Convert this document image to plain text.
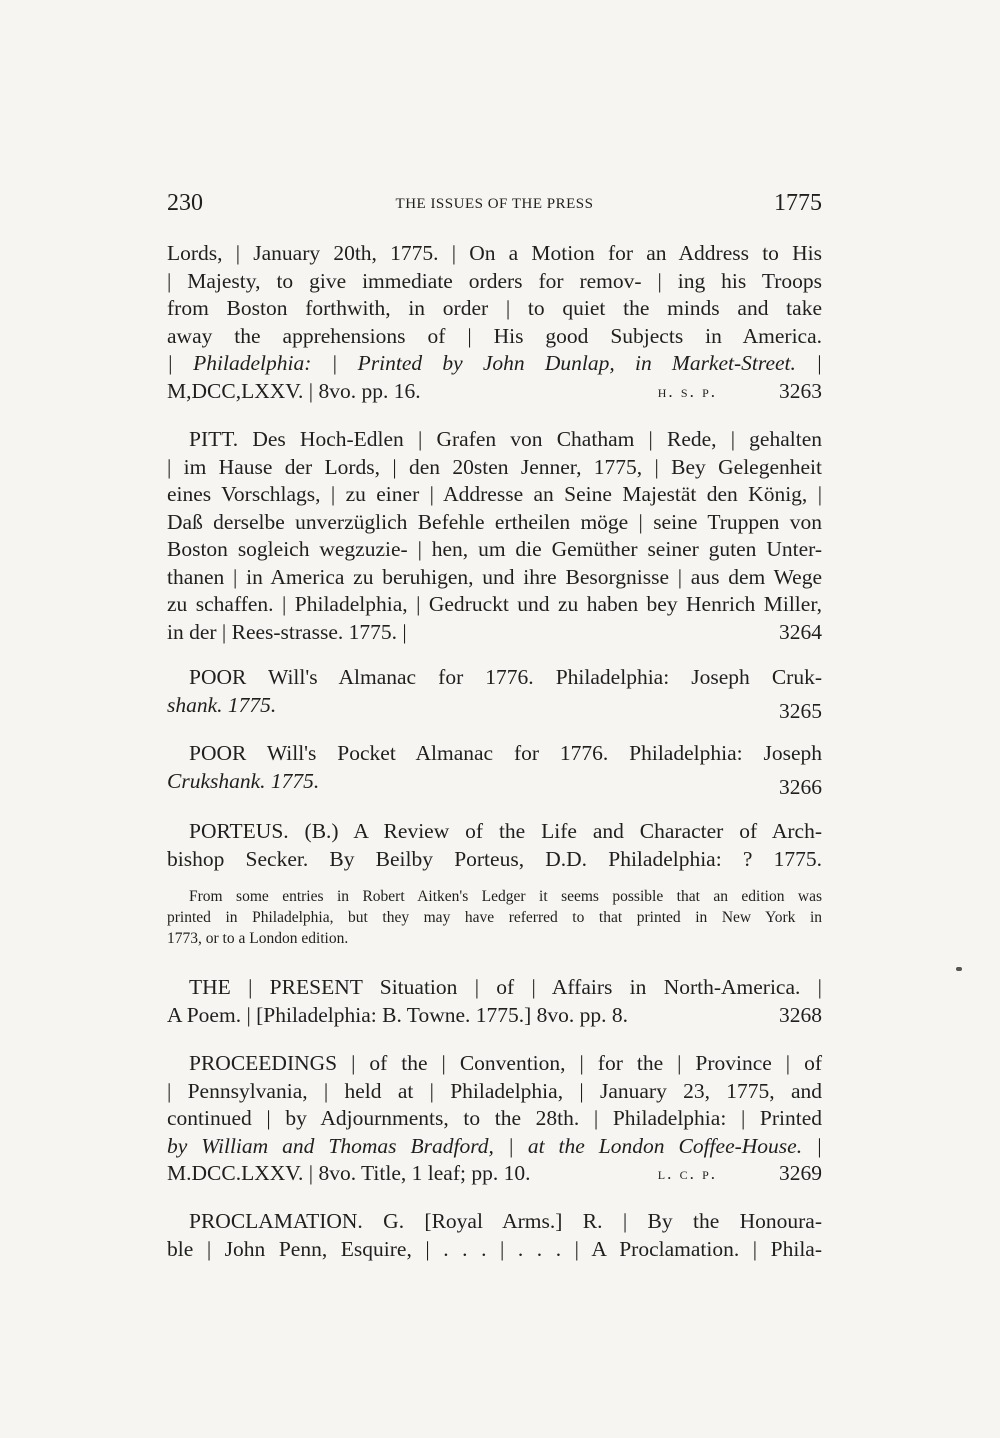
230	THE ISSUES OF THE PRESS	1775
Lords, | January 20th, 1775. | On a Motion for an Address to His
| Majesty, to give immediate orders for remov- | ing his Troops
from Boston forthwith, in order | to quiet the minds and take
away the apprehensions of | His good Subjects in America.
| Philadelphia: | Printed by John Dunlap, in Market-Street. |
M,DCC,LXXV. | 8vo. pp. 16.	h. s. p.	3263
PITT. Des Hoch-Edlen | Grafen von Chatham | Rede, | gehalten
| im Hause der Lords, | den 20sten Jenner, 1775, | Bey Gelegenheit
eines Vorschlags, | zu einer | Addresse an Seine Majestät den König, |
Daß derselbe unverzüglich Befehle ertheilen möge | seine Truppen von
Boston sogleich wegzuzie- | hen, um die Gemüther seiner guten Unter-
thanen | in America zu beruhigen, und ihre Besorgnisse | aus dem Wege
zu schaffen. | Philadelphia, | Gedruckt und zu haben bey Henrich Miller,
in der | Rees-strasse. 1775. |	3264
POOR Will's Almanac for 1776. Philadelphia: Joseph Cruk-
shank. 1775.	3265
POOR Will's Pocket Almanac for 1776. Philadelphia: Joseph
Crukshank. 1775.	3266
PORTEUS. (B.) A Review of the Life and Character of Arch-
bishop Secker. By Beilby Porteus, D.D. Philadelphia: ? 1775.
From some entries in Robert Aitken's Ledger it seems possible that an edition was
printed in Philadelphia, but they may have referred to that printed in New York in
1773, or to a London edition.
THE | PRESENT Situation | of | Affairs in North-America. |
A Poem. | [Philadelphia: B. Towne. 1775.] 8vo. pp. 8.	3268
PROCEEDINGS | of the | Convention, | for the | Province | of
| Pennsylvania, | held at | Philadelphia, | January 23, 1775, and
continued | by Adjournments, to the 28th. | Philadelphia: | Printed
by William and Thomas Bradford, | at the London Coffee-House. |
M.DCC.LXXV. | 8vo. Title, 1 leaf; pp. 10.	l. c. p.	3269
PROCLAMATION. G. [Royal Arms.] R. | By the Honoura-
ble | John Penn, Esquire, | . . . | . . . | A Proclamation. | Phila-
